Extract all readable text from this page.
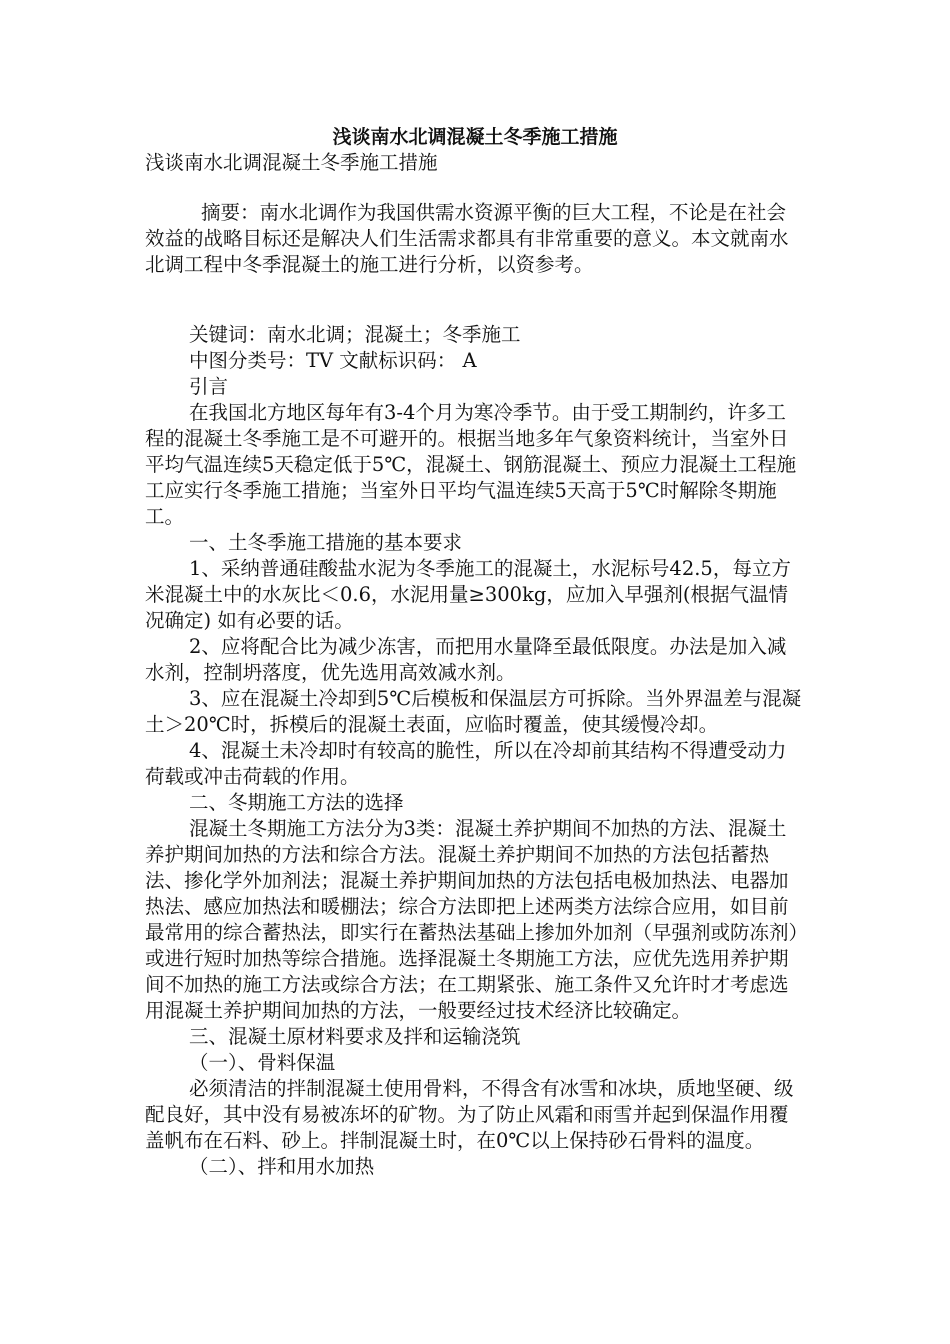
浅谈南水北调混凝土冬季施工措施
浅谈南水北调混凝土冬季施工措施
摘要：南水北调作为我国供需水资源平衡的巨大工程，不论是在社会效益的战略目标还是解决人们生活需求都具有非常重要的意义。本文就南水北调工程中冬季混凝土的施工进行分析，以资参考。

关键词：南水北调；混凝土；冬季施工

中图分类号：TV 文献标识码： A

引言

在我国北方地区每年有3-4个月为寒冷季节。由于受工期制约，许多工程的混凝土冬季施工是不可避开的。根据当地多年气象资料统计，当室外日平均气温连续5天稳定低于5℃，混凝土、钢筋混凝土、预应力混凝土工程施工应实行冬季施工措施；当室外日平均气温连续5天高于5℃时解除冬期施工。

一、土冬季施工措施的基本要求

1、采纳普通硅酸盐水泥为冬季施工的混凝土，水泥标号42.5，每立方米混凝土中的水灰比＜0.6，水泥用量≥300kg，应加入早强剂(根据气温情况确定) 如有必要的话。

2、应将配合比为减少冻害，而把用水量降至最低限度。办法是加入减水剂，控制坍落度，优先选用高效减水剂。

3、应在混凝土冷却到5℃后模板和保温层方可拆除。当外界温差与混凝土＞20℃时，拆模后的混凝土表面，应临时覆盖，使其缓慢冷却。

4、混凝土未冷却时有较高的脆性，所以在冷却前其结构不得遭受动力荷载或冲击荷载的作用。

二、冬期施工方法的选择

混凝土冬期施工方法分为3类：混凝土养护期间不加热的方法、混凝土养护期间加热的方法和综合方法。混凝土养护期间不加热的方法包括蓄热法、掺化学外加剂法；混凝土养护期间加热的方法包括电极加热法、电器加热法、感应加热法和暖棚法；综合方法即把上述两类方法综合应用，如目前最常用的综合蓄热法，即实行在蓄热法基础上掺加外加剂（早强剂或防冻剂）或进行短时加热等综合措施。选择混凝土冬期施工方法，应优先选用养护期间不加热的施工方法或综合方法；在工期紧张、施工条件又允许时才考虑选用混凝土养护期间加热的方法，一般要经过技术经济比较确定。

三、混凝土原材料要求及拌和运输浇筑

（一）、骨料保温

必须清洁的拌制混凝土使用骨料，不得含有冰雪和冰块，质地坚硬、级配良好，其中没有易被冻坏的矿物。为了防止风霜和雨雪并起到保温作用覆盖帆布在石料、砂上。拌制混凝土时，在0℃以上保持砂石骨料的温度。

（二）、拌和用水加热
